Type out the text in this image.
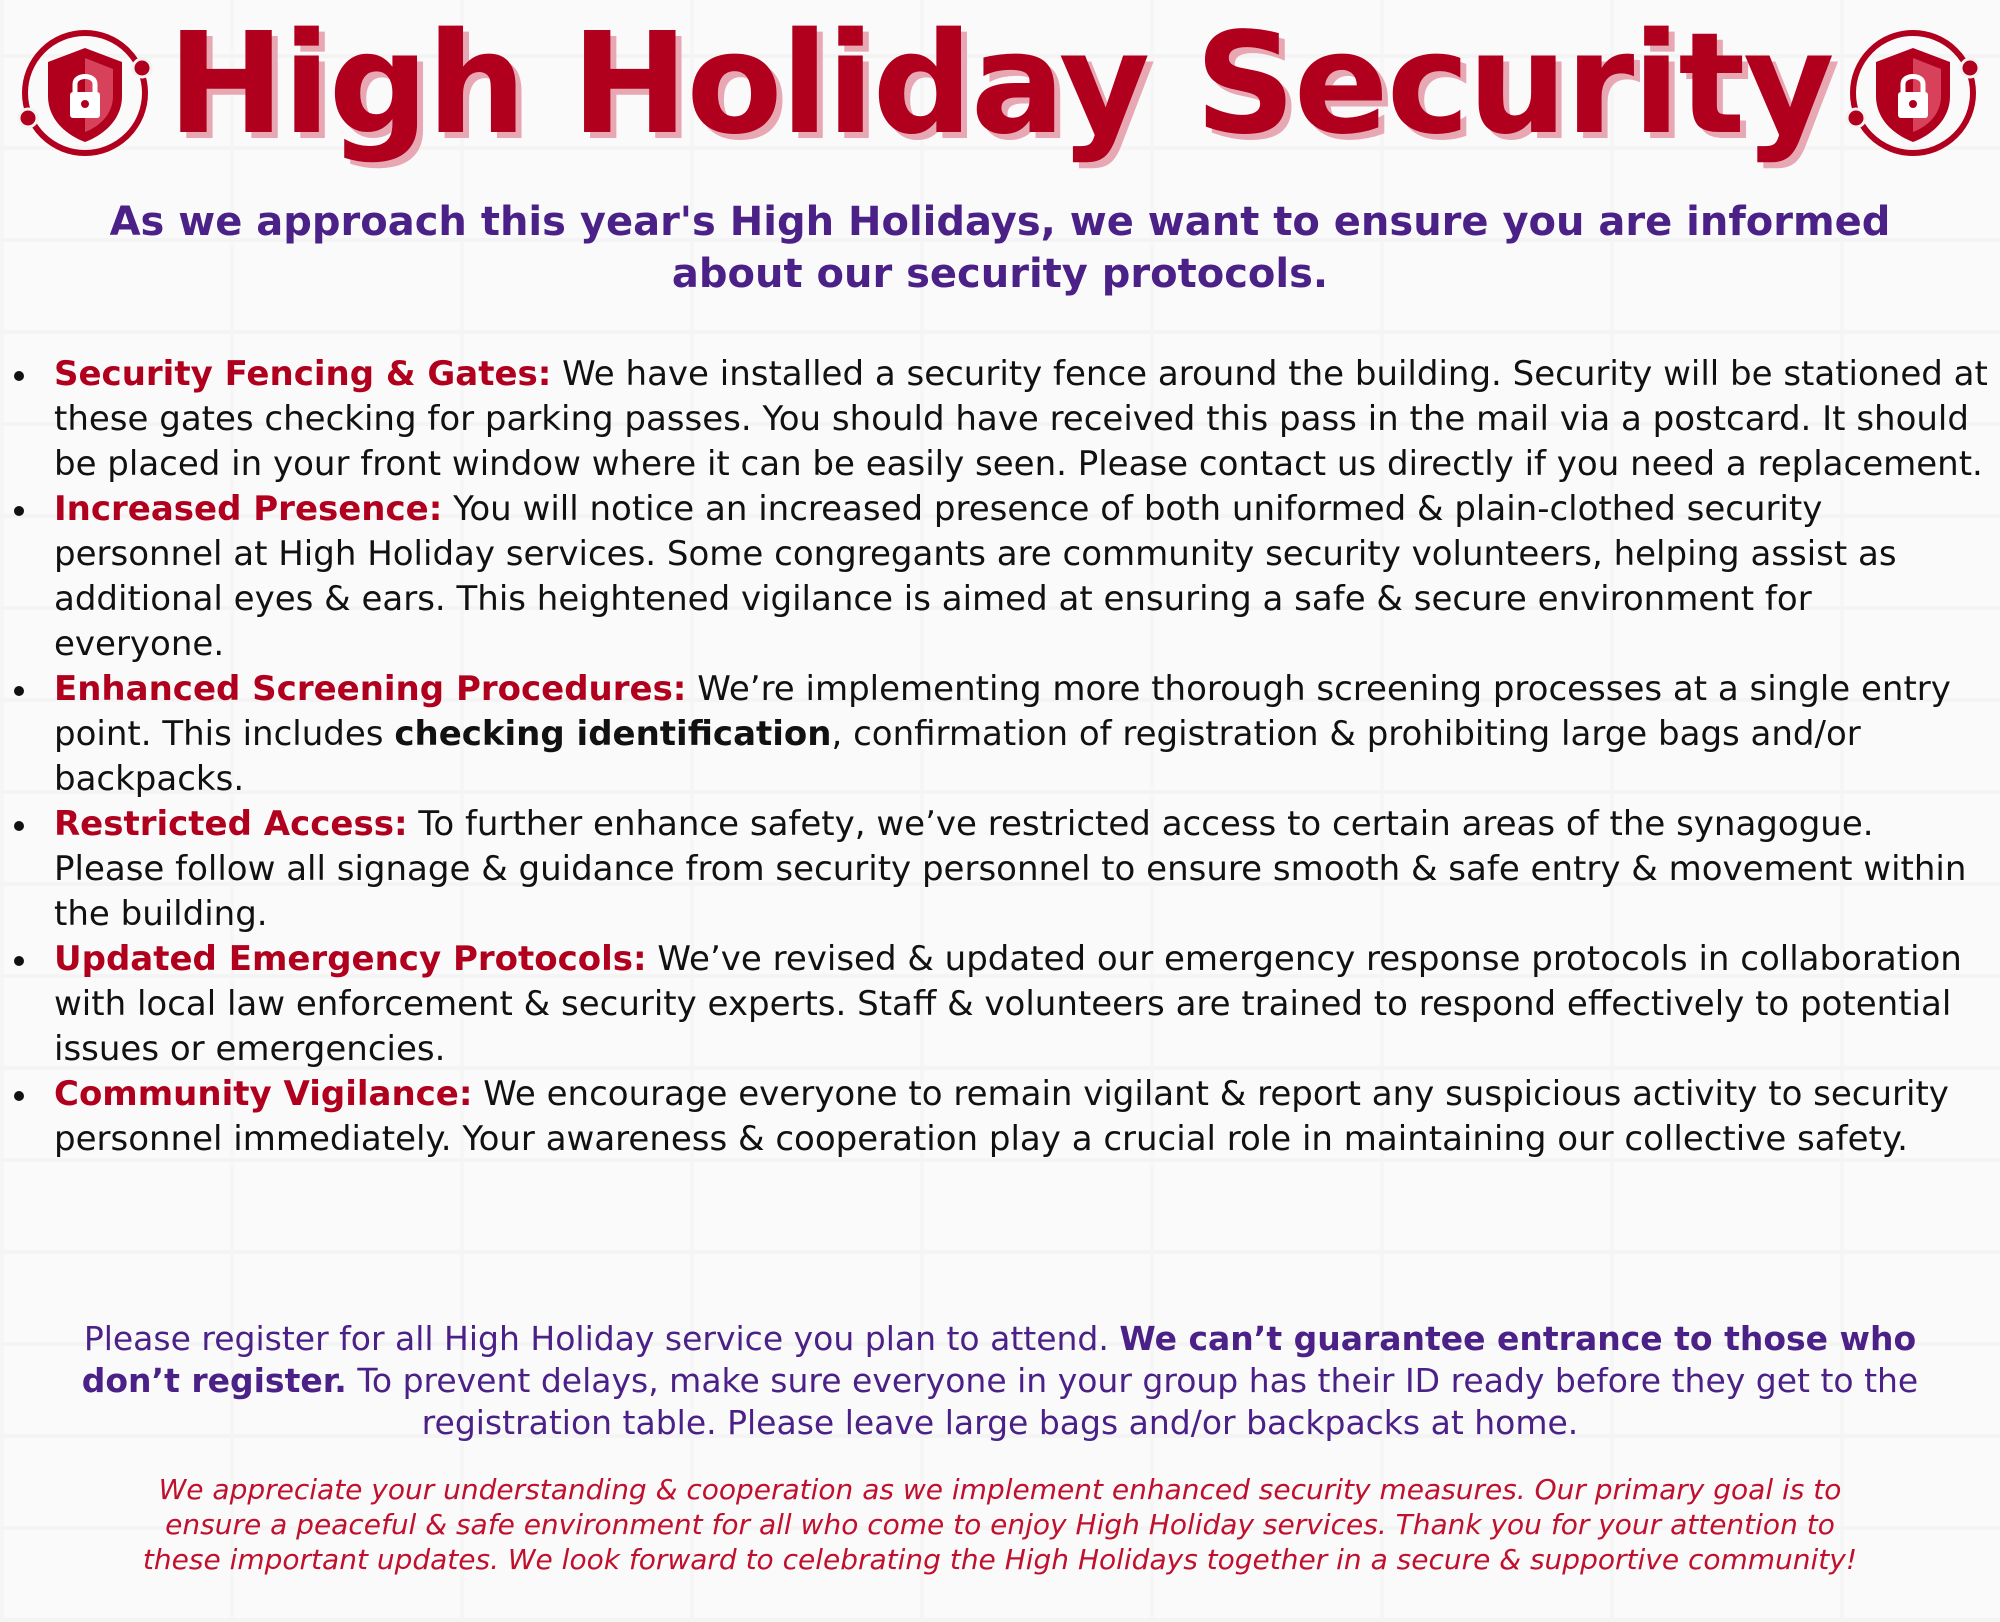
High Holiday Security

As we approach this year's High Holidays, we want to ensure you are informed about our security protocols.

Security Fencing & Gates: We have installed a security fence around the building. Security will be stationed at these gates checking for parking passes. You should have received this pass in the mail via a postcard. It should be placed in your front window where it can be easily seen. Please contact us directly if you need a replacement.
Increased Presence: You will notice an increased presence of both uniformed & plain-clothed security personnel at High Holiday services. Some congregants are community security volunteers, helping assist as additional eyes & ears. This heightened vigilance is aimed at ensuring a safe & secure environment for everyone.
Enhanced Screening Procedures: We’re implementing more thorough screening processes at a single entry point. This includes checking identification, confirmation of registration & prohibiting large bags and/or backpacks.
Restricted Access: To further enhance safety, we’ve restricted access to certain areas of the synagogue. Please follow all signage & guidance from security personnel to ensure smooth & safe entry & movement within the building.
Updated Emergency Protocols: We’ve revised & updated our emergency response protocols in collaboration with local law enforcement & security experts. Staff & volunteers are trained to respond effectively to potential issues or emergencies.
Community Vigilance: We encourage everyone to remain vigilant & report any suspicious activity to security personnel immediately. Your awareness & cooperation play a crucial role in maintaining our collective safety.

Please register for all High Holiday service you plan to attend. We can’t guarantee entrance to those who don’t register. To prevent delays, make sure everyone in your group has their ID ready before they get to the registration table. Please leave large bags and/or backpacks at home.

We appreciate your understanding & cooperation as we implement enhanced security measures. Our primary goal is to ensure a peaceful & safe environment for all who come to enjoy High Holiday services. Thank you for your attention to these important updates. We look forward to celebrating the High Holidays together in a secure & supportive community!
